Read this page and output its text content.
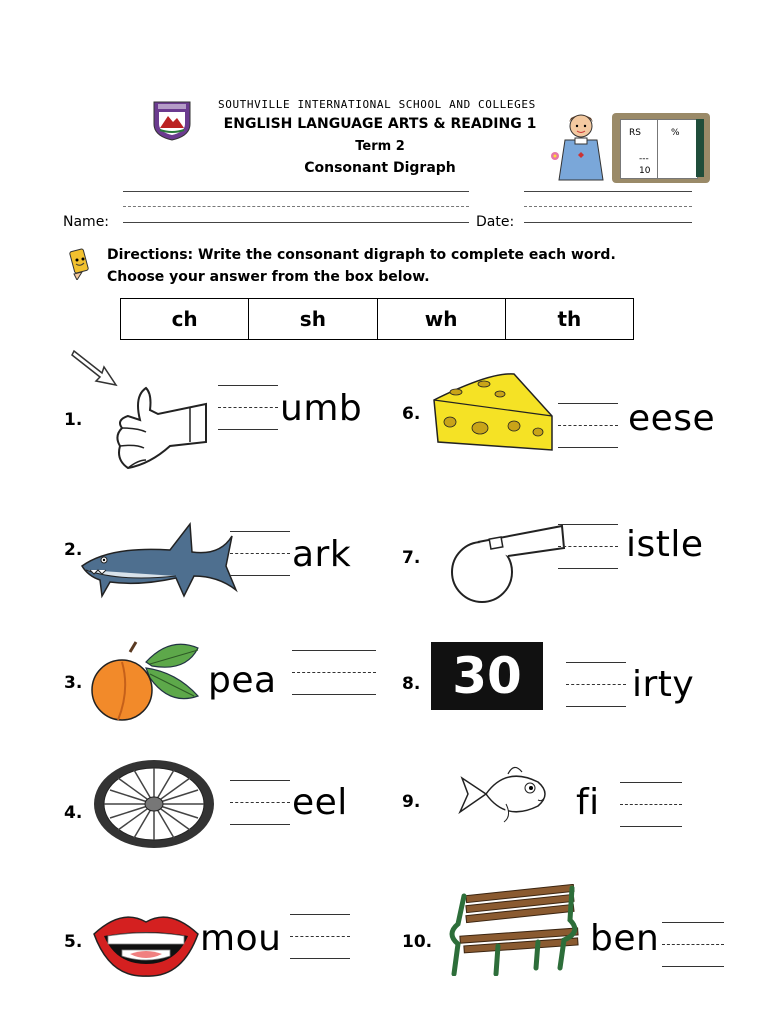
SOUTHVILLE INTERNATIONAL SCHOOL AND COLLEGES
ENGLISH LANGUAGE ARTS & READING 1
Term 2
Consonant Digraph
RS	%
---
10
Name:	Date:
Directions: Write the consonant digraph to complete each word.
Choose your answer from the box below.
ch	sh	wh	th
1.	umb
2.	ark
3.	pea
4.	eel
5.	mou
6.	eese
7.	istle
8. 30	irty
9.	fi
10.	ben
